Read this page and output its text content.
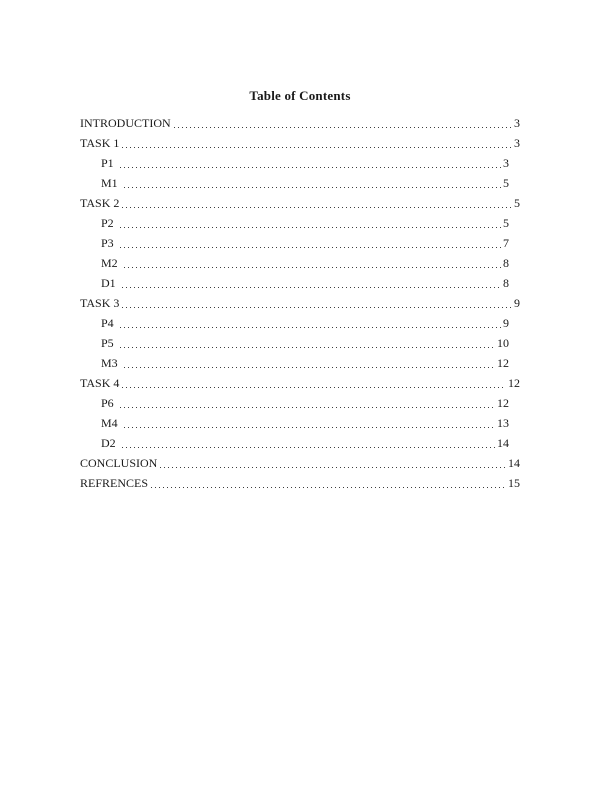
Table of Contents
INTRODUCTION	3
TASK 1	3
P1	3
M1	5
TASK 2	5
P2	5
P3	7
M2	8
D1	8
TASK 3	9
P4	9
P5	10
M3	12
TASK 4	12
P6	12
M4	13
D2	14
CONCLUSION	14
REFRENCES	15
